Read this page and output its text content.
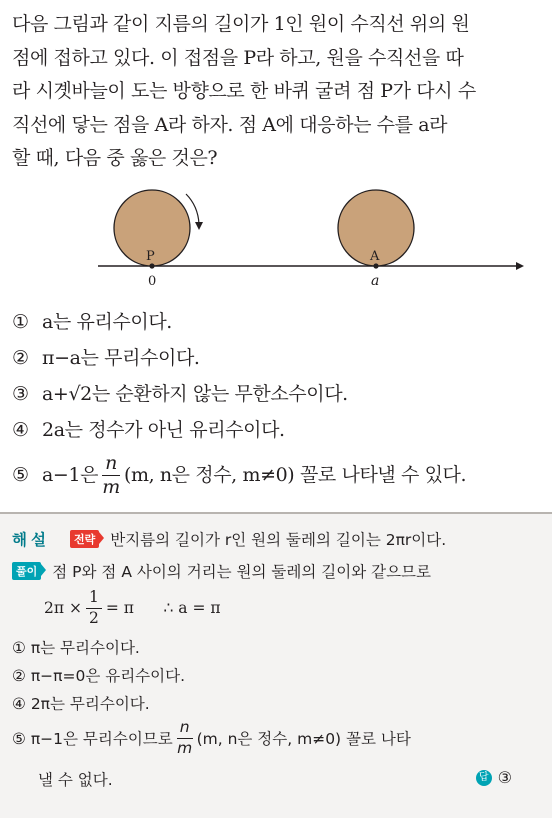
다음 그림과 같이 지름의 길이가 1인 원이 수직선 위의 원
점에 접하고 있다. 이 접점을 P라 하고, 원을 수직선을 따
라 시곗바늘이 도는 방향으로 한 바퀴 굴려 점 P가 다시 수
직선에 닿는 점을 A라 하자. 점 A에 대응하는 수를 a라
할 때, 다음 중 옳은 것은?
P	A
0	a
① a는 유리수이다.
② π−a는 무리수이다.
③ a+√2는 순환하지 않는 무한소수이다.
④ 2a는 정수가 아닌 유리수이다.
⑤ a−1은 $\frac{n}{m} (m$, n은 정수, m≠0) 꼴로 나타낼 수 있다.
해설 전략 반지름의 길이가 r인 원의 둘레의 길이는 2πr이다.
풀이 점 P와 점 A 사이의 거리는 원의 둘레의 길이와 같으므로
$2\pi \times \frac{1}{2} = \pi$      ∴ a = π
① π는 무리수이다.
② π−π=0은 유리수이다.
④ 2π는 무리수이다.
⑤ π−1은 무리수이므로 $\frac{n}{m} (m$, n은 정수, m≠0) 꼴로 나타
낼 수 없다.	답 ③
